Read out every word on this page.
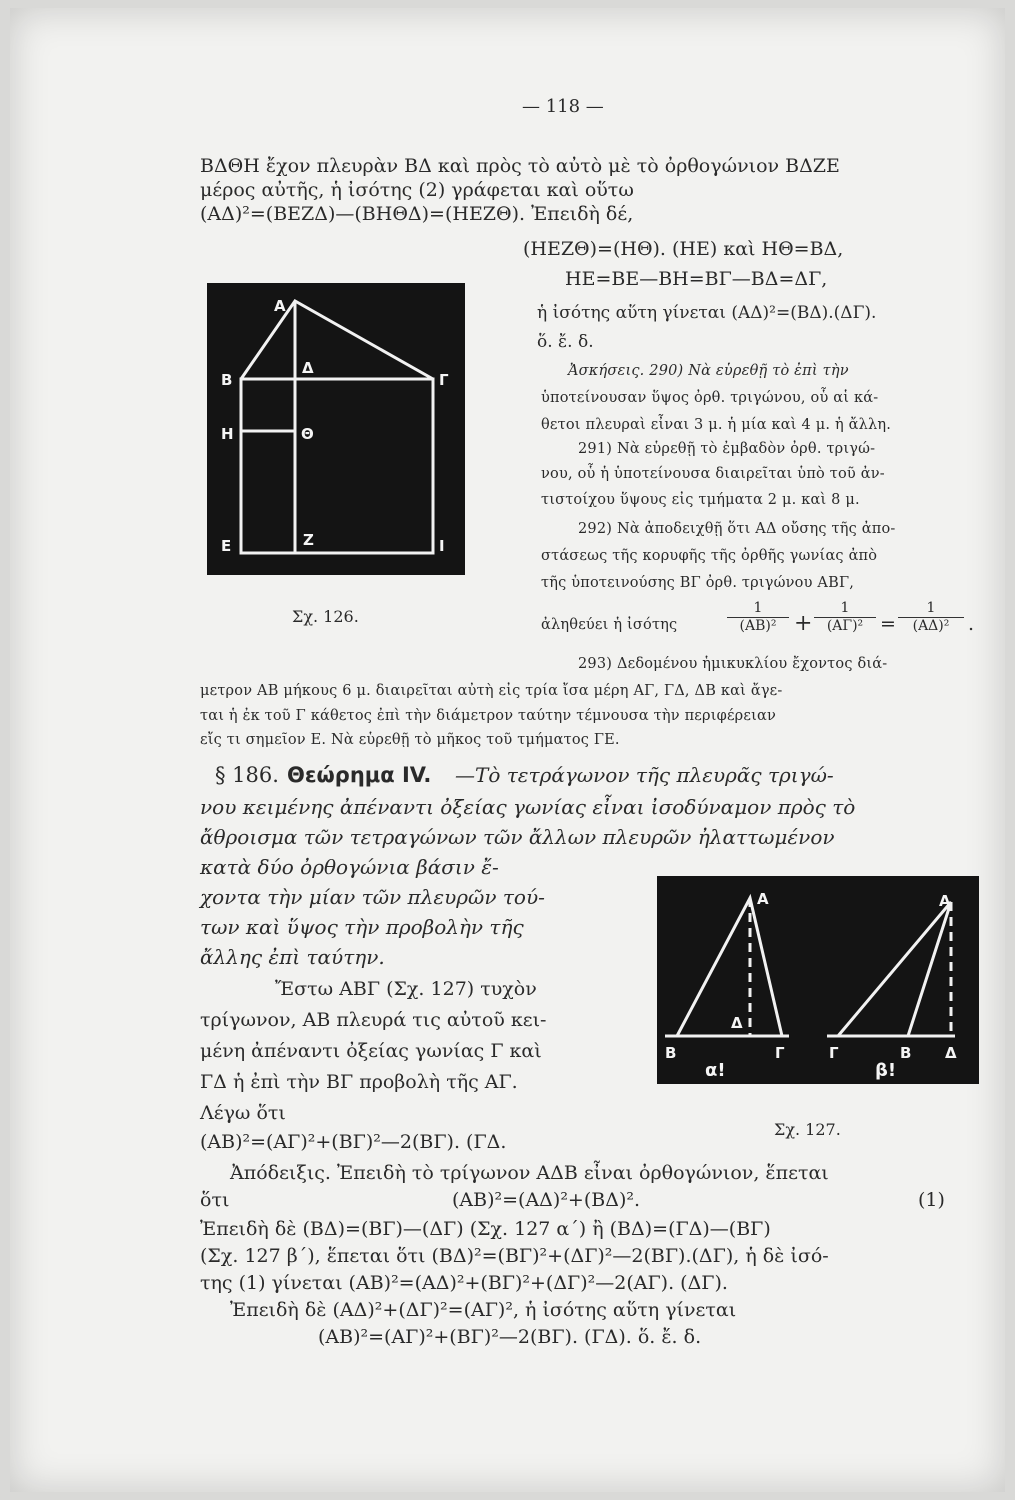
— 118 —
ΒΔΘΗ ἔχον πλευρὰν ΒΔ καὶ πρὸς τὸ αὐτὸ μὲ τὸ ὀρθογώνιον ΒΔΖΕ
μέρος αὐτῆς, ἡ ἰσότης (2) γράφεται καὶ οὕτω
(ΑΔ)²=(ΒΕΖΔ)—(ΒΗΘΔ)=(ΗΕΖΘ). Ἐπειδὴ δέ,
(ΗΕΖΘ)=(ΗΘ). (ΗΕ) καὶ ΗΘ=ΒΔ,
ΗΕ=ΒΕ—ΒΗ=ΒΓ—ΒΔ=ΔΓ,
ἡ ἰσότης αὕτη γίνεται (ΑΔ)²=(ΒΔ).(ΔΓ).
ὅ. ἔ. δ.
Α
Β
Δ
Γ
Η	Θ
Ε	Ζ	Ι
Σχ. 126.
Ἀσκήσεις. 290) Νὰ εὑρεθῇ τὸ ἐπὶ τὴν
ὑποτείνουσαν ὕψος ὀρθ. τριγώνου, οὗ αἱ κά-
θετοι πλευραὶ εἶναι 3 μ. ἡ μία καὶ 4 μ. ἡ ἄλλη.
291) Νὰ εὑρεθῇ τὸ ἐμβαδὸν ὀρθ. τριγώ-
νου, οὗ ἡ ὑποτείνουσα διαιρεῖται ὑπὸ τοῦ ἀν-
τιστοίχου ὕψους εἰς τμήματα 2 μ. καὶ 8 μ.
292) Νὰ ἀποδειχθῇ ὅτι ΑΔ οὔσης τῆς ἀπο-
στάσεως τῆς κορυφῆς τῆς ὀρθῆς γωνίας ἀπὸ
τῆς ὑποτεινούσης ΒΓ ὀρθ. τριγώνου ΑΒΓ,
ἀληθεύει ἡ ἰσότης	$\frac{1}{\text{(ΑΒ)²}} + \frac{1}{\text{(ΑΓ)²}} = \frac{1}{\text{(ΑΔ)²}}$ .
293) Δεδομένου ἡμικυκλίου ἔχοντος διά-
μετρον ΑΒ μήκους 6 μ. διαιρεῖται αὐτὴ εἰς τρία ἴσα μέρη ΑΓ, ΓΔ, ΔΒ καὶ ἄγε-
ται ἡ ἐκ τοῦ Γ κάθετος ἐπὶ τὴν διάμετρον ταύτην τέμνουσα τὴν περιφέρειαν
εἴς τι σημεῖον Ε. Νὰ εὑρεθῇ τὸ μῆκος τοῦ τμήματος ΓΕ.
§ 186. Θεώρημα IV. —Τὸ τετράγωνον τῆς πλευρᾶς τριγώ-
νου κειμένης ἀπέναντι ὀξείας γωνίας εἶναι ἰσοδύναμον πρὸς τὸ
ἄθροισμα τῶν τετραγώνων τῶν ἄλλων πλευρῶν ἠλαττωμένον
κατὰ δύο ὀρθογώνια βάσιν ἔ-
χοντα τὴν μίαν τῶν πλευρῶν τού-
των καὶ ὕψος τὴν προβολὴν τῆς
ἄλλης ἐπὶ ταύτην.
Ἔστω ΑΒΓ (Σχ. 127) τυχὸν
τρίγωνον, ΑΒ πλευρά τις αὐτοῦ κει-
μένη ἀπέναντι ὀξείας γωνίας Γ καὶ
ΓΔ ἡ ἐπὶ τὴν ΒΓ προβολὴ τῆς ΑΓ.
Λέγω ὅτι
(ΑΒ)²=(ΑΓ)²+(ΒΓ)²—2(ΒΓ). (ΓΔ.
Α
Β
Δ
Γ
α!
Α
Γ	Β Δ
β!
Σχ. 127.
Ἀπόδειξις. Ἐπειδὴ τὸ τρίγωνον ΑΔΒ εἶναι ὀρθογώνιον, ἕπεται
ὅτι	(ΑΒ)²=(ΑΔ)²+(ΒΔ)².	(1)
Ἐπειδὴ δὲ (ΒΔ)=(ΒΓ)—(ΔΓ) (Σχ. 127 α΄) ἢ (ΒΔ)=(ΓΔ)—(ΒΓ)
(Σχ. 127 β΄), ἕπεται ὅτι (ΒΔ)²=(ΒΓ)²+(ΔΓ)²—2(ΒΓ).(ΔΓ), ἡ δὲ ἰσό-
της (1) γίνεται (ΑΒ)²=(ΑΔ)²+(ΒΓ)²+(ΔΓ)²—2(ΑΓ). (ΔΓ).
Ἐπειδὴ δὲ (ΑΔ)²+(ΔΓ)²=(ΑΓ)², ἡ ἰσότης αὕτη γίνεται
(ΑΒ)²=(ΑΓ)²+(ΒΓ)²—2(ΒΓ). (ΓΔ). ὅ. ἔ. δ.
